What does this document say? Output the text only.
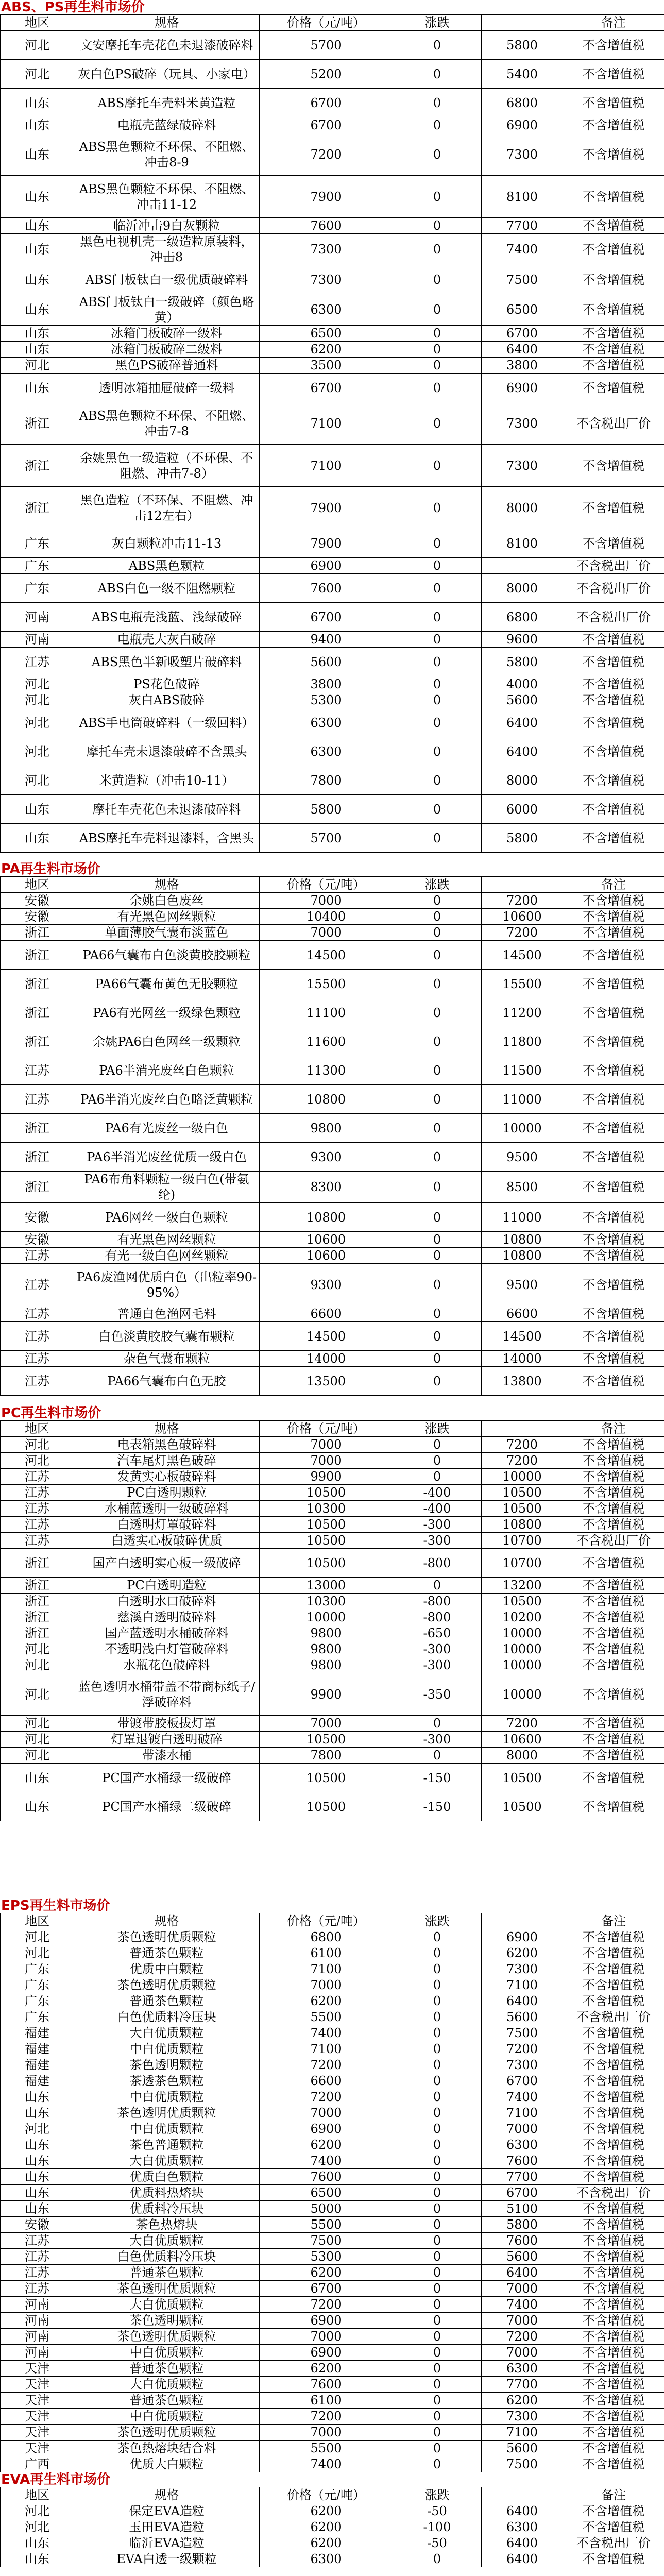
ABS、PS再生料市场价
地区	规格	价格（元/吨）	涨跌		备注
河北	文安摩托车壳花色未退漆破碎料	5700	0	5800	不含增值税
河北	灰白色PS破碎（玩具、小家电）	5200	0	5400	不含增值税
山东	ABS摩托车壳料米黄造粒	6700	0	6800	不含增值税
山东	电瓶壳蓝绿破碎料	6700	0	6900	不含增值税
山东	ABS黑色颗粒不环保、不阻燃、冲击8-9	7200	0	7300	不含增值税
山东	ABS黑色颗粒不环保、不阻燃、冲击11-12	7900	0	8100	不含增值税
山东	临沂冲击9白灰颗粒	7600	0	7700	不含增值税
山东	黑色电视机壳一级造粒原装料，冲击8	7300	0	7400	不含增值税
山东	ABS门板钛白一级优质破碎料	7300	0	7500	不含增值税
山东	ABS门板钛白一级破碎（颜色略黄）	6300	0	6500	不含增值税
山东	冰箱门板破碎一级料	6500	0	6700	不含增值税
山东	冰箱门板破碎二级料	6200	0	6400	不含增值税
河北	黑色PS破碎普通料	3500	0	3800	不含增值税
山东	透明冰箱抽屉破碎一级料	6700	0	6900	不含增值税
浙江	ABS黑色颗粒不环保、不阻燃、冲击7-8	7100	0	7300	不含税出厂价
浙江	余姚黑色一级造粒（不环保、不阻燃、冲击7-8）	7100	0	7300	不含增值税
浙江	黑色造粒（不环保、不阻燃、冲击12左右）	7900	0	8000	不含增值税
广东	灰白颗粒冲击11-13	7900	0	8100	不含增值税
广东	ABS黑色颗粒	6900	0		不含税出厂价
广东	ABS白色一级不阻燃颗粒	7600	0	8000	不含税出厂价
河南	ABS电瓶壳浅蓝、浅绿破碎	6700	0	6800	不含税出厂价
河南	电瓶壳大灰白破碎	9400	0	9600	不含增值税
江苏	ABS黑色半新吸塑片破碎料	5600	0	5800	不含增值税
河北	PS花色破碎	3800	0	4000	不含增值税
河北	灰白ABS破碎	5300	0	5600	不含增值税
河北	ABS手电筒破碎料（一级回料）	6300	0	6400	不含增值税
河北	摩托车壳未退漆破碎不含黑头	6300	0	6400	不含增值税
河北	米黄造粒（冲击10-11）	7800	0	8000	不含增值税
山东	摩托车壳花色未退漆破碎料	5800	0	6000	不含增值税
山东	ABS摩托车壳料退漆料，含黑头	5700	0	5800	不含增值税
PA再生料市场价
地区	规格	价格（元/吨）	涨跌		备注
安徽	余姚白色废丝	7000	0	7200	不含增值税
安徽	有光黑色网丝颗粒	10400	0	10600	不含增值税
浙江	单面薄胶气囊布淡蓝色	7000	0	7200	不含增值税
浙江	PA66气囊布白色淡黄胶胶颗粒	14500	0	14500	不含增值税
浙江	PA66气囊布黄色无胶颗粒	15500	0	15500	不含增值税
浙江	PA6有光网丝一级绿色颗粒	11100	0	11200	不含增值税
浙江	余姚PA6白色网丝一级颗粒	11600	0	11800	不含增值税
江苏	PA6半消光废丝白色颗粒	11300	0	11500	不含增值税
江苏	PA6半消光废丝白色略泛黄颗粒	10800	0	11000	不含增值税
浙江	PA6有光废丝一级白色	9800	0	10000	不含增值税
浙江	PA6半消光废丝优质一级白色	9300	0	9500	不含增值税
浙江	PA6布角料颗粒一级白色(带氨纶)	8300	0	8500	不含增值税
安徽	PA6网丝一级白色颗粒	10800	0	11000	不含增值税
安徽	有光黑色网丝颗粒	10600	0	10800	不含增值税
江苏	有光一级白色网丝颗粒	10600	0	10800	不含增值税
江苏	PA6废渔网优质白色（出粒率90-95%）	9300	0	9500	不含增值税
江苏	普通白色渔网毛料	6600	0	6600	不含增值税
江苏	白色淡黄胶胶气囊布颗粒	14500	0	14500	不含增值税
江苏	杂色气囊布颗粒	14000	0	14000	不含增值税
江苏	PA66气囊布白色无胶	13500	0	13800	不含增值税
PC再生料市场价
地区	规格	价格（元/吨）	涨跌		备注
河北	电表箱黑色破碎料	7000	0	7200	不含增值税
河北	汽车尾灯黑色破碎	7000	0	7200	不含增值税
江苏	发黄实心板破碎料	9900	0	10000	不含增值税
江苏	PC白透明颗粒	10500	-400	10500	不含增值税
江苏	水桶蓝透明一级破碎料	10300	-400	10500	不含增值税
江苏	白透明灯罩破碎料	10500	-300	10800	不含增值税
江苏	白透实心板破碎优质	10500	-300	10700	不含税出厂价
浙江	国产白透明实心板一级破碎	10500	-800	10700	不含增值税
浙江	PC白透明造粒	13000	0	13200	不含增值税
浙江	白透明水口破碎料	10300	-800	10500	不含增值税
浙江	慈溪白透明破碎料	10000	-800	10200	不含增值税
浙江	国产蓝透明水桶破碎料	9800	-650	10000	不含增值税
河北	不透明浅白灯管破碎料	9800	-300	10000	不含增值税
河北	水瓶花色破碎料	9800	-300	10000	不含增值税
河北	蓝色透明水桶带盖不带商标纸子/浮破碎料	9900	-350	10000	不含增值税
河北	带镀带胶板拔灯罩	7000	0	7200	不含增值税
河北	灯罩退镀白透明破碎	10500	-300	10600	不含增值税
河北	带漆水桶	7800	0	8000	不含增值税
山东	PC国产水桶绿一级破碎	10500	-150	10500	不含增值税
山东	PC国产水桶绿二级破碎	10500	-150	10500	不含增值税
EPS再生料市场价
地区	规格	价格（元/吨）	涨跌		备注
河北	茶色透明优质颗粒	6800	0	6900	不含增值税
河北	普通茶色颗粒	6100	0	6200	不含增值税
广东	优质中白颗粒	7100	0	7300	不含增值税
广东	茶色透明优质颗粒	7000	0	7100	不含增值税
广东	普通茶色颗粒	6200	0	6400	不含增值税
广东	白色优质料冷压块	5500	0	5600	不含税出厂价
福建	大白优质颗粒	7400	0	7500	不含增值税
福建	中白优质颗粒	7100	0	7200	不含增值税
福建	茶色透明颗粒	7200	0	7300	不含增值税
福建	茶透茶色颗粒	6600	0	6700	不含增值税
山东	中白优质颗粒	7200	0	7400	不含增值税
山东	茶色透明优质颗粒	7000	0	7100	不含增值税
河北	中白优质颗粒	6900	0	7000	不含增值税
山东	茶色普通颗粒	6200	0	6300	不含增值税
山东	大白优质颗粒	7400	0	7600	不含增值税
山东	优质白色颗粒	7600	0	7700	不含增值税
山东	优质料热熔块	6500	0	6700	不含税出厂价
山东	优质料冷压块	5000	0	5100	不含增值税
安徽	茶色热熔块	5500	0	5800	不含增值税
江苏	大白优质颗粒	7500	0	7600	不含增值税
江苏	白色优质料冷压块	5300	0	5600	不含增值税
江苏	普通茶色颗粒	6200	0	6400	不含增值税
江苏	茶色透明优质颗粒	6700	0	7000	不含增值税
河南	大白优质颗粒	7200	0	7400	不含增值税
河南	茶色透明颗粒	6900	0	7000	不含增值税
河南	茶色透明优质颗粒	7000	0	7200	不含增值税
河南	中白优质颗粒	6900	0	7000	不含增值税
天津	普通茶色颗粒	6200	0	6300	不含增值税
天津	大白优质颗粒	7600	0	7700	不含增值税
天津	普通茶色颗粒	6100	0	6200	不含增值税
天津	中白优质颗粒	7200	0	7300	不含增值税
天津	茶色透明优质颗粒	7000	0	7100	不含增值税
天津	茶色热熔块结合料	5500	0	5600	不含增值税
广西	优质大白颗粒	7400	0	7500	不含增值税
EVA再生料市场价
地区	规格	价格（元/吨）	涨跌		备注
河北	保定EVA造粒	6200	-50	6400	不含增值税
河北	玉田EVA造粒	6200	-100	6300	不含增值税
山东	临沂EVA造粒	6200	-50	6400	不含税出厂价
山东	EVA白透一级颗粒	6300	0	6400	不含增值税
